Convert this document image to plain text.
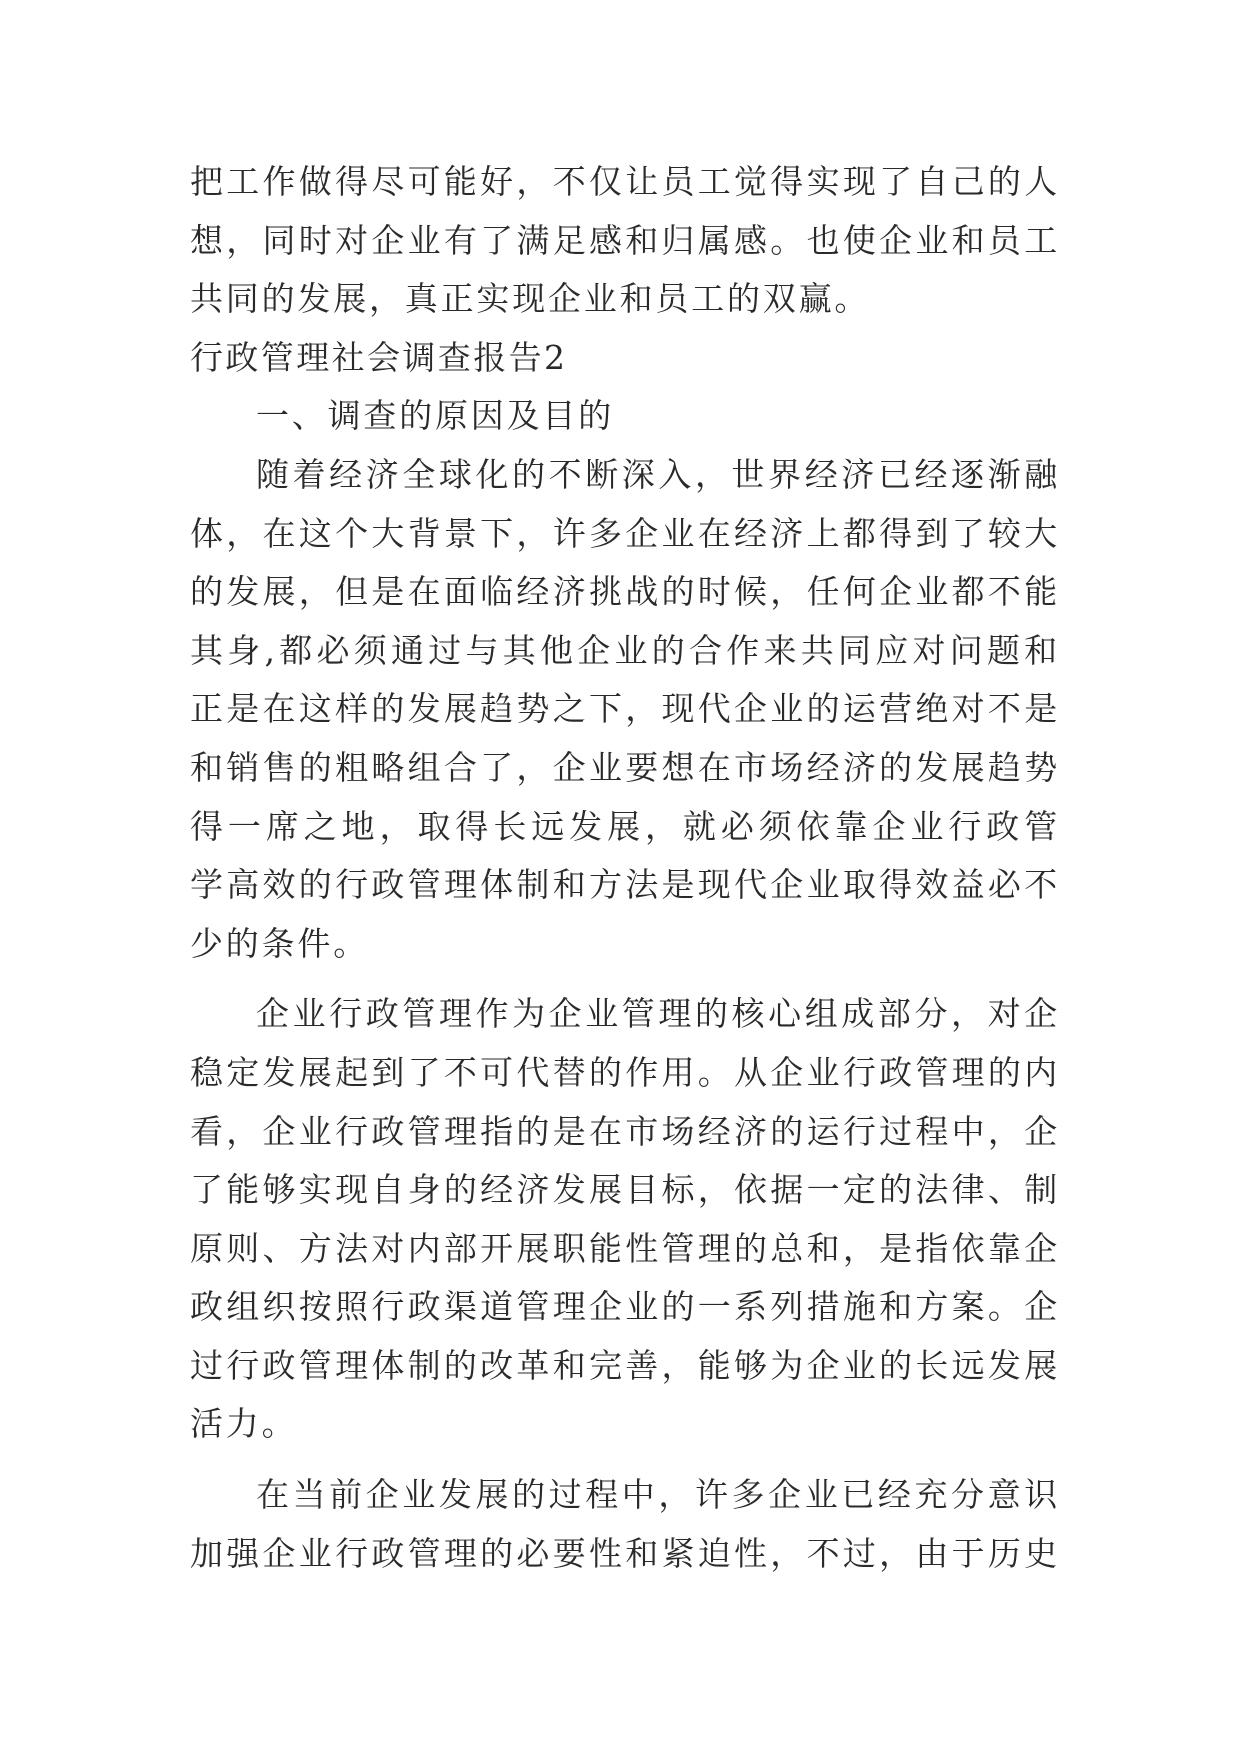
把工作做得尽可能好，不仅让员工觉得实现了自己的人
想，同时对企业有了满足感和归属感。也使企业和员工
共同的发展，真正实现企业和员工的双赢。
行政管理社会调查报告2
一、调查的原因及目的
随着经济全球化的不断深入，世界经济已经逐渐融
体，在这个大背景下，许多企业在经济上都得到了较大
的发展，但是在面临经济挑战的时候，任何企业都不能
其身,都必须通过与其他企业的合作来共同应对问题和
正是在这样的发展趋势之下，现代企业的运营绝对不是
和销售的粗略组合了，企业要想在市场经济的发展趋势
得一席之地，取得长远发展，就必须依靠企业行政管
学高效的行政管理体制和方法是现代企业取得效益必不
少的条件。
企业行政管理作为企业管理的核心组成部分，对企
稳定发展起到了不可代替的作用。从企业行政管理的内
看，企业行政管理指的是在市场经济的运行过程中，企
了能够实现自身的经济发展目标，依据一定的法律、制
原则、方法对内部开展职能性管理的总和，是指依靠企
政组织按照行政渠道管理企业的一系列措施和方案。企
过行政管理体制的改革和完善，能够为企业的长远发展
活力。
在当前企业发展的过程中，许多企业已经充分意识
加强企业行政管理的必要性和紧迫性，不过，由于历史
